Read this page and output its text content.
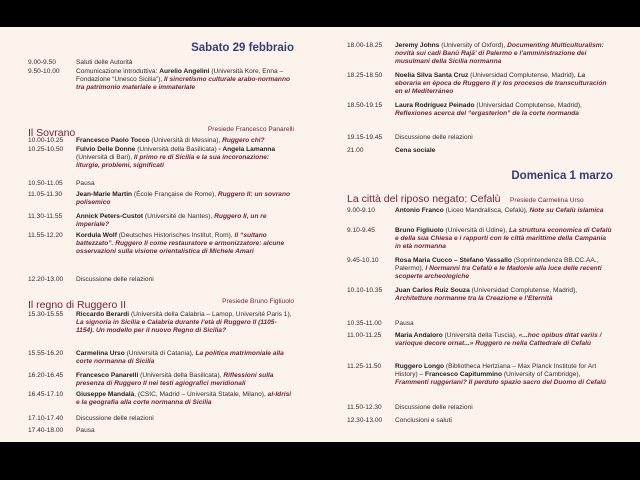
Sabato 29 febbraio
9.00-9.50	Saluti delle Autorità
9.50-10.00	Comunicazione introduttiva: Aurelio Angelini (Università Kore, Enna – Fondazione “Unesco Sicilia”), Il sincretismo culturale arabo-normanno tra patrimonio materiale e immateriale
Il Sovrano	Presiede Francesco Panarelli
10.00-10.25	Francesco Paolo Tocco (Università di Messina), Ruggero chi?
10.25-10.50	Fulvio Delle Donne (Università della Basilicata) - Angela Lamanna (Università di Bari), Il primo re di Sicilia e la sua incoronazione: liturgie, problemi, significati
10.50-11.05	Pausa
11.05-11.30	Jean-Marie Martin (École Française de Rome), Ruggero II: un sovrano polisemico
11.30-11.55	Annick Peters-Custot (Université de Nantes), Ruggero II, un re imperiale?
11.55-12.20	Kordula Wolf (Deutsches Historisches Institut, Rom), Il “sultano battezzato”. Ruggero II come restauratore e armonizzatore: alcune osservazioni sulla visione orientalistica di Michele Amari
12.20-13.00	Discussione delle relazioni
Il regno di Ruggero II	Presiede Bruno Figliuolo
15.30-15.55	Riccardo Berardi (Università della Calabria – Lamop, Université Paris 1), La signoria in Sicilia e Calabria durante l’età di Ruggero II (1105-1154). Un modello per il nuovo Regno di Sicilia?
15.55-16.20	Carmelina Urso (Università di Catania), La politica matrimoniale alla corte normanna di Sicilia
16.20-16.45	Francesco Panarelli (Università della Basilicata), Riflessioni sulla presenza di Ruggero II nei testi agiografici meridionali
16.45-17.10	Giuseppe Mandalà, (CSIC, Madrid – Università Statale, Milano), al-Idrisi e la geografia alla corte normanna di Sicilia
17.10-17.40	Discussione delle relazioni
17.40-18.00	Pausa
18.00-18.25	Jeremy Johns (University of Oxford), Documenting Multiculturalism: novità sui cadi Banū Rajā’ di Palermo e l’amministrazione dei musulmani della Sicilia normanna
18.25-18.50	Noelia Silva Santa Cruz (Universidad Complutense, Madrid), La eboraria en época de Ruggero II y los procesos de transculturación en el Mediterráneo
18.50-19.15	Laura Rodríguez Peinado (Universidad Complutense, Madrid), Reflexiones acerca del “ergasterion” de la corte normanda
19.15-19.45	Discussione delle relazioni
21.00	Cena sociale
Domenica 1 marzo
La città del riposo negato: Cefalù Presiede Carmelina Urso
9.00-9.10	Antonio Franco (Liceo Mandralisca, Cefalù), Note su Cefalù islamica
9.10-9.45	Bruno Figliuolo (Università di Udine), La struttura economica di Cefalù e della sua Chiesa e i rapporti con le città marittime della Campania in età normanna
9.45-10.10	Rosa Maria Cucco – Stefano Vassallo (Soprintendenza BB.CC.AA., Palermo), I Normanni tra Cefalù e le Madonie alla luce delle recenti scoperte archeologiche
10.10-10.35	Juan Carlos Ruiz Souza (Universidad Complutense, Madrid), Architetture normanne tra la Creazione e l’Eternità
10.35-11.00	Pausa
11.00-11.25	Maria Andaloro (Università della Tuscia), «...hoc opibus ditat variis / varioque decore ornat...» Ruggero re nella Cattedrale di Cefalù
11.25-11.50	Ruggero Longo (Bibliotheca Hertziana – Max Planck Institute for Art History) – Francesco Capitummino (University of Cambridge), Frammenti ruggeriani? Il perduto spazio sacro del Duomo di Cefalù
11.50-12.30	Discussione delle relazioni
12.30-13.00	Conclusioni e saluti
